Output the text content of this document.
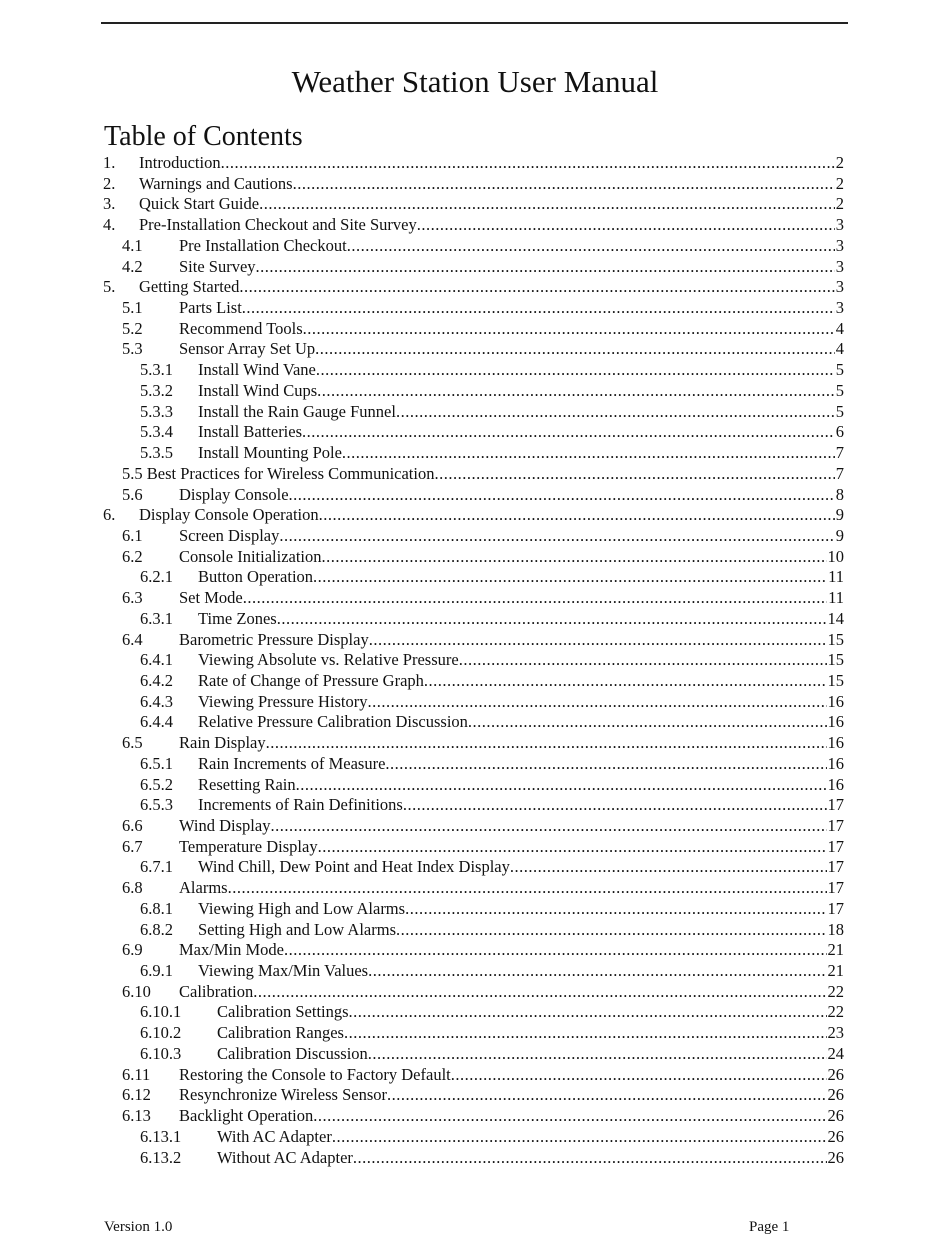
Weather Station User Manual
Table of Contents
1. Introduction .....	2
2. Warnings and Cautions .....	2
3. Quick Start Guide .....	2
4. Pre-Installation Checkout and Site Survey .....	3
4.1 Pre Installation Checkout .....	3
4.2 Site Survey .....	3
5. Getting Started .....	3
5.1 Parts List .....	3
5.2 Recommend Tools .....	4
5.3 Sensor Array Set Up .....	4
5.3.1 Install Wind Vane .....	5
5.3.2 Install Wind Cups .....	5
5.3.3 Install the Rain Gauge Funnel .....	5
5.3.4 Install Batteries .....	6
5.3.5 Install Mounting Pole .....	7
5.5 Best Practices for Wireless Communication .....	7
5.6 Display Console .....	8
6. Display Console Operation .....	9
6.1 Screen Display .....	9
6.2 Console Initialization .....	10
6.2.1 Button Operation .....	11
6.3 Set Mode .....	11
6.3.1 Time Zones .....	14
6.4 Barometric Pressure Display .....	15
6.4.1 Viewing Absolute vs. Relative Pressure .....	15
6.4.2 Rate of Change of Pressure Graph .....	15
6.4.3 Viewing Pressure History .....	16
6.4.4 Relative Pressure Calibration Discussion .....	16
6.5 Rain Display .....	16
6.5.1 Rain Increments of Measure .....	16
6.5.2 Resetting Rain .....	16
6.5.3 Increments of Rain Definitions .....	17
6.6 Wind Display .....	17
6.7 Temperature Display .....	17
6.7.1 Wind Chill, Dew Point and Heat Index Display .....	17
6.8 Alarms .....	17
6.8.1 Viewing High and Low Alarms .....	17
6.8.2 Setting High and Low Alarms .....	18
6.9 Max/Min Mode .....	21
6.9.1 Viewing Max/Min Values .....	21
6.10 Calibration .....	22
6.10.1 Calibration Settings .....	22
6.10.2 Calibration Ranges .....	23
6.10.3 Calibration Discussion .....	24
6.11 Restoring the Console to Factory Default .....	26
6.12 Resynchronize Wireless Sensor .....	26
6.13 Backlight Operation .....	26
6.13.1 With AC Adapter .....	26
6.13.2 Without AC Adapter .....	26
Version 1.0	Page 1
